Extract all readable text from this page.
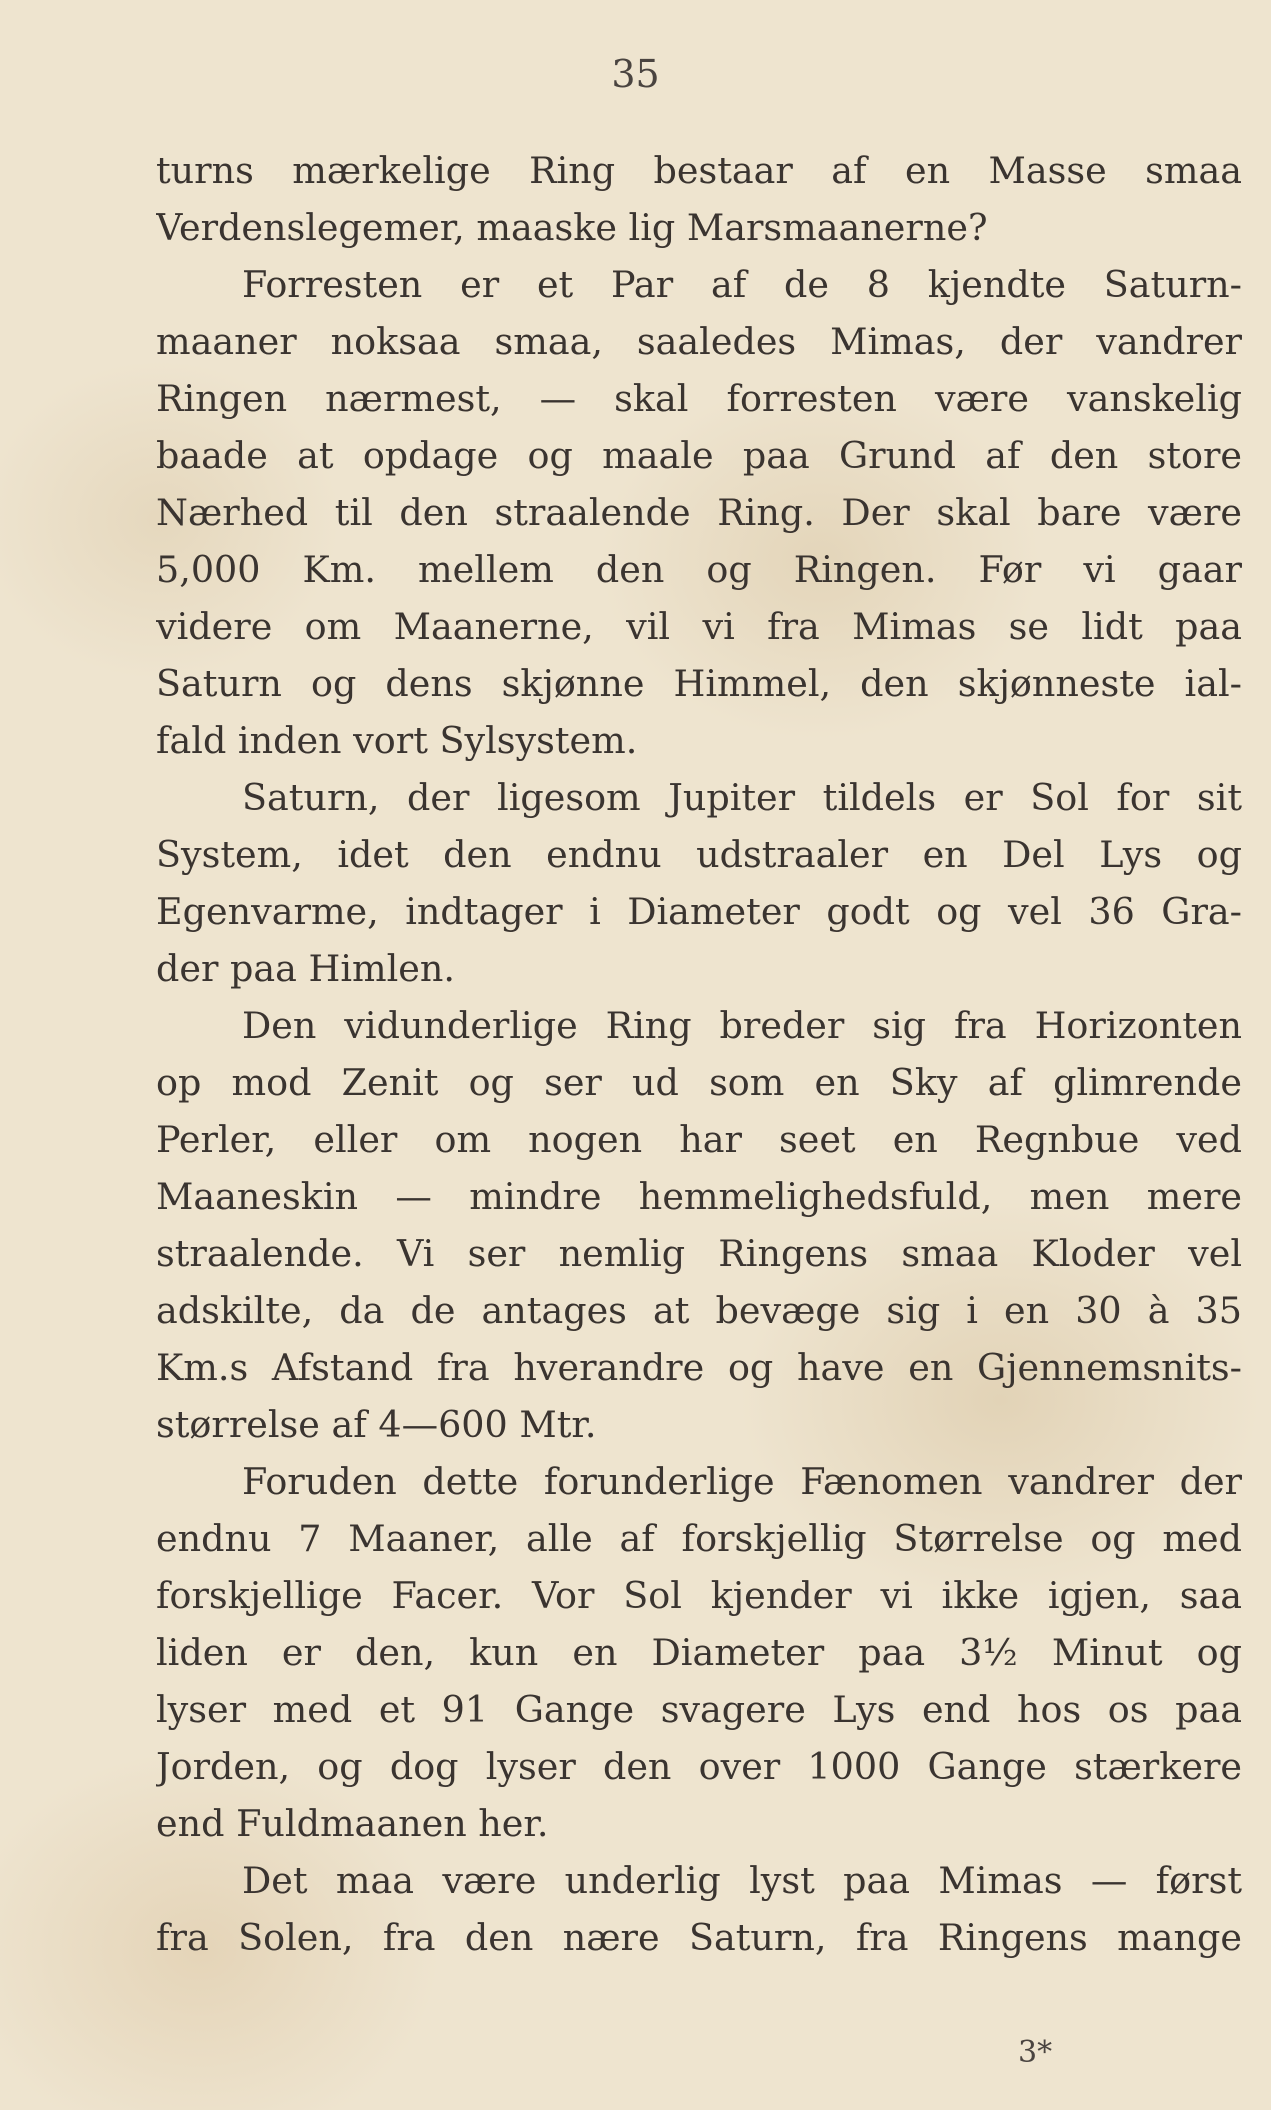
35
turns mærkelige Ring bestaar af en Masse smaa
Verdenslegemer, maaske lig Marsmaanerne?
Forresten er et Par af de 8 kjendte Saturn-
maaner noksaa smaa, saaledes Mimas, der vandrer
Ringen nærmest, — skal forresten være vanskelig
baade at opdage og maale paa Grund af den store
Nærhed til den straalende Ring. Der skal bare være
5,000 Km. mellem den og Ringen. Før vi gaar
videre om Maanerne, vil vi fra Mimas se lidt paa
Saturn og dens skjønne Himmel, den skjønneste ial-
fald inden vort Sylsystem.
Saturn, der ligesom Jupiter tildels er Sol for sit
System, idet den endnu udstraaler en Del Lys og
Egenvarme, indtager i Diameter godt og vel 36 Gra-
der paa Himlen.
Den vidunderlige Ring breder sig fra Horizonten
op mod Zenit og ser ud som en Sky af glimrende
Perler, eller om nogen har seet en Regnbue ved
Maaneskin — mindre hemmelighedsfuld, men mere
straalende. Vi ser nemlig Ringens smaa Kloder vel
adskilte, da de antages at bevæge sig i en 30 à 35
Km.s Afstand fra hverandre og have en Gjennemsnits-
størrelse af 4—600 Mtr.
Foruden dette forunderlige Fænomen vandrer der
endnu 7 Maaner, alle af forskjellig Størrelse og med
forskjellige Facer. Vor Sol kjender vi ikke igjen, saa
liden er den, kun en Diameter paa 3½ Minut og
lyser med et 91 Gange svagere Lys end hos os paa
Jorden, og dog lyser den over 1000 Gange stærkere
end Fuldmaanen her.
Det maa være underlig lyst paa Mimas — først
fra Solen, fra den nære Saturn, fra Ringens mange
3*
